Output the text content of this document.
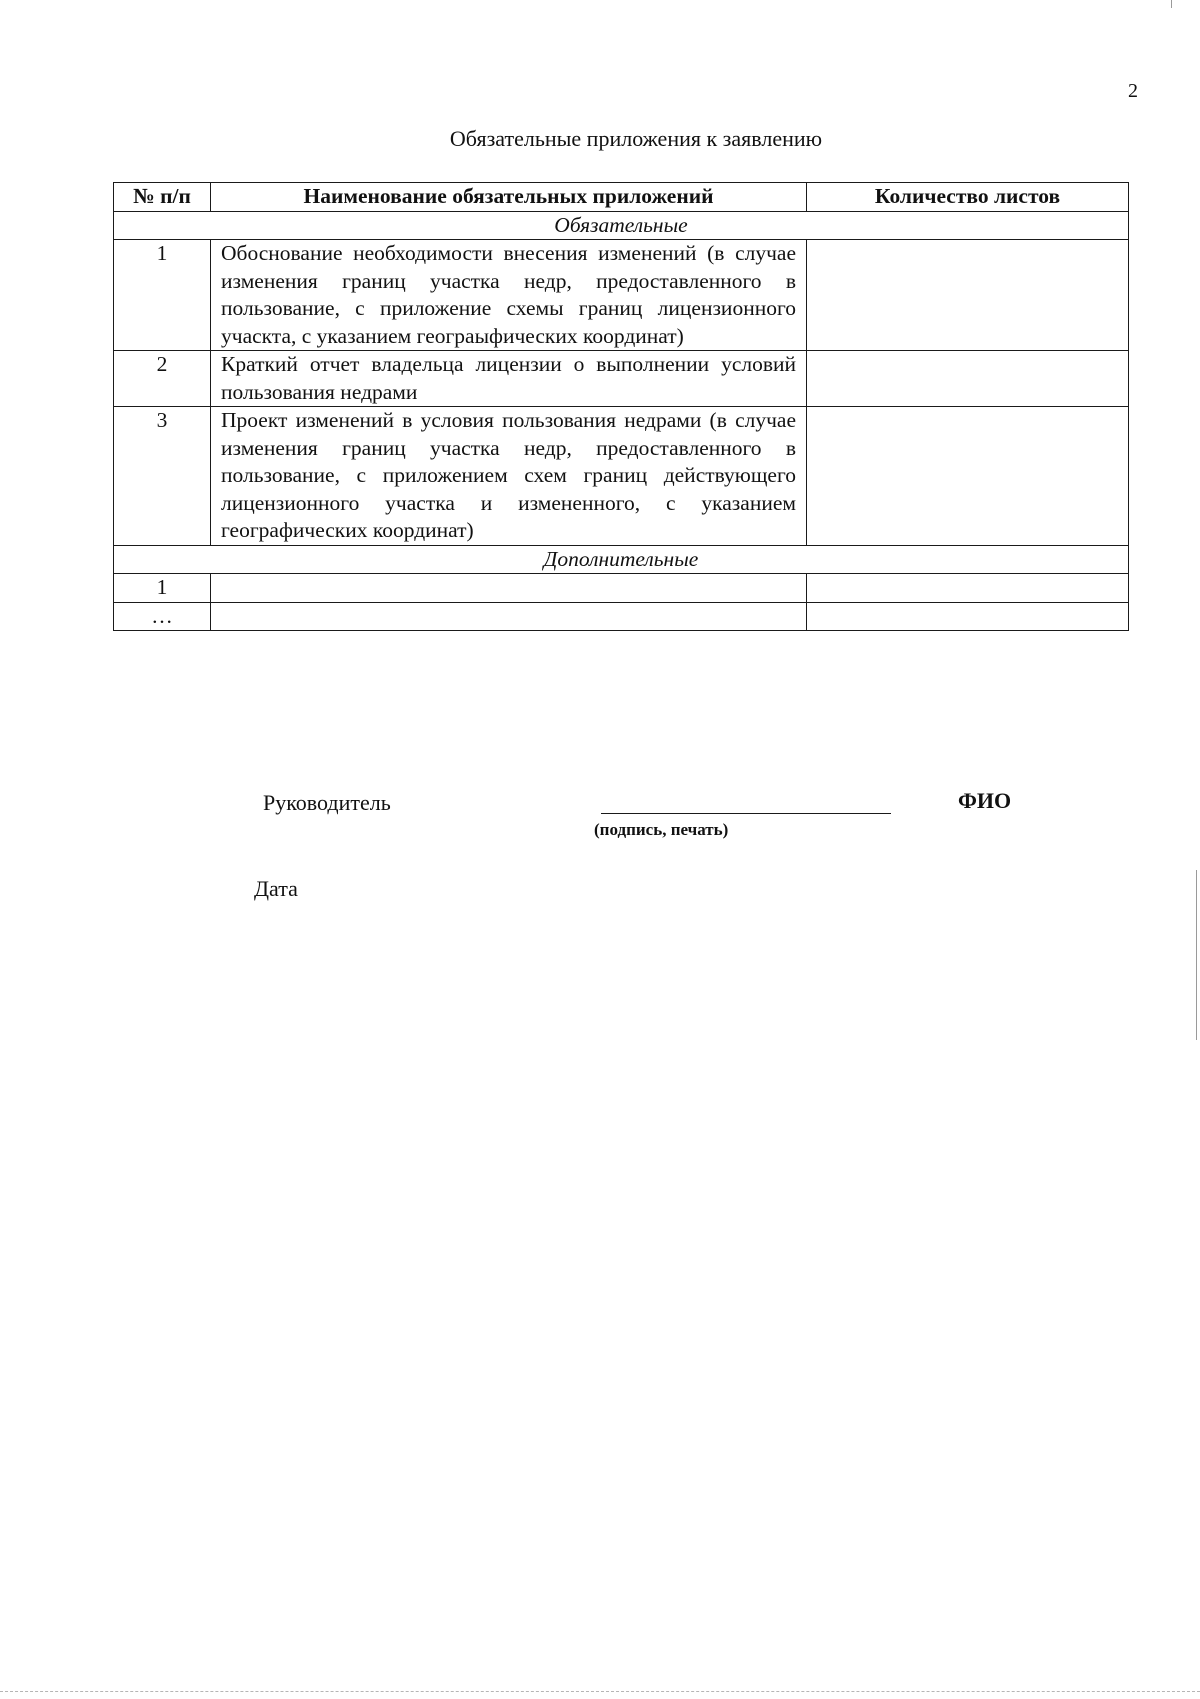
2
Обязательные приложения к заявлению
№ п/п	Наименование обязательных приложений	Количество листов
Обязательные		
1	Обоснование необходимости внесения изменений (в случае изменения границ участка недр, предоставленного в пользование, с приложение схемы границ лицензионного учаскта, с указанием геограыфических координат)	
2	Краткий отчет владельца лицензии о выполнении условий пользования недрами	
3	Проект изменений в условия пользования недрами (в случае изменения границ участка недр, предоставленного в пользование, с приложением схем границ действующего лицензионного участка и измененного, с указанием географических координат)	
Дополнительные		
1		
…		
Руководитель
(подпись, печать)
ФИО
Дата
